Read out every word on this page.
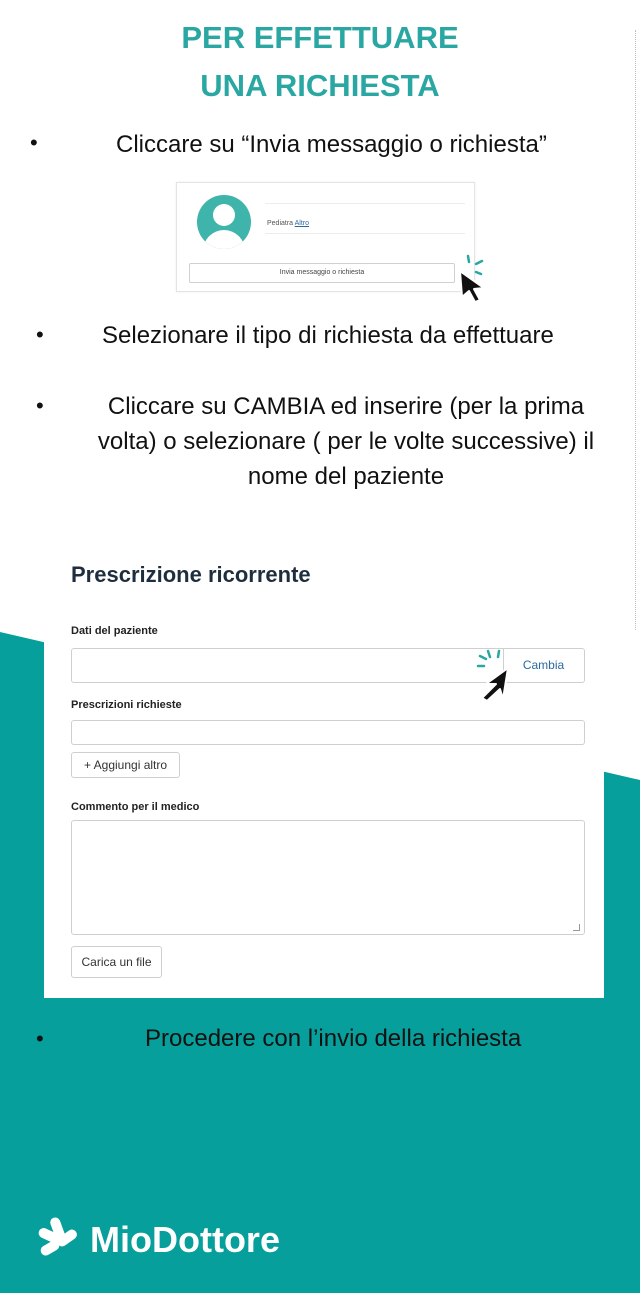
PER EFFETTUARE
UNA RICHIESTA
•	Cliccare su “Invia messaggio o richiesta”
Pediatra Altro
Invia messaggio o richiesta
• Selezionare il tipo di richiesta da effettuare
•	Cliccare su CAMBIA ed inserire (per la prima volta) o selezionare ( per le volte successive) il nome del paziente
Prescrizione ricorrente
Dati del paziente
Cambia
Prescrizioni richieste
+ Aggiungi altro
Commento per il medico
Carica un file
•	Procedere con l’invio della richiesta
MioDottore
